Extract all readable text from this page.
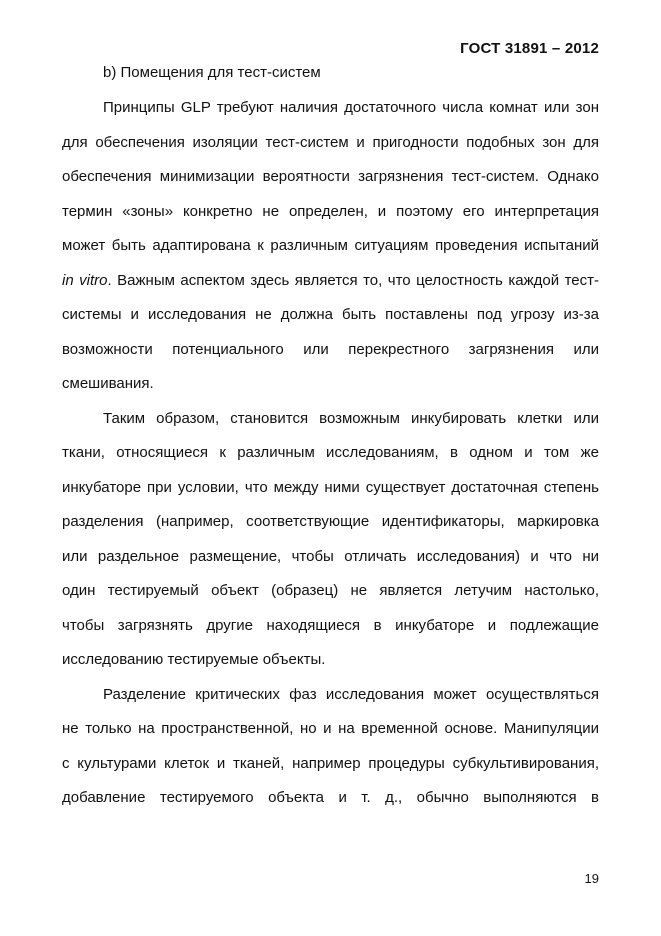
ГОСТ 31891 – 2012
b) Помещения для тест-систем
Принципы GLP требуют наличия достаточного числа комнат или зон
для обеспечения изоляции тест-систем и пригодности подобных зон для
обеспечения минимизации вероятности загрязнения тест-систем. Однако
термин «зоны» конкретно не определен, и поэтому его интерпретация
может быть адаптирована к различным ситуациям проведения испытаний
in vitro. Важным аспектом здесь является то, что целостность каждой тест-
системы и исследования не должна быть поставлены под угрозу из-за
возможности потенциального или перекрестного загрязнения или
смешивания.
Таким образом, становится возможным инкубировать клетки или
ткани, относящиеся к различным исследованиям, в одном и том же
инкубаторе при условии, что между ними существует достаточная степень
разделения (например, соответствующие идентификаторы, маркировка
или раздельное размещение, чтобы отличать исследования) и что ни
один тестируемый объект (образец) не является летучим настолько,
чтобы загрязнять другие находящиеся в инкубаторе и подлежащие
исследованию тестируемые объекты.
Разделение критических фаз исследования может осуществляться
не только на пространственной, но и на временной основе. Манипуляции
с культурами клеток и тканей, например процедуры субкультивирования,
добавление тестируемого объекта и т. д., обычно выполняются в
19
